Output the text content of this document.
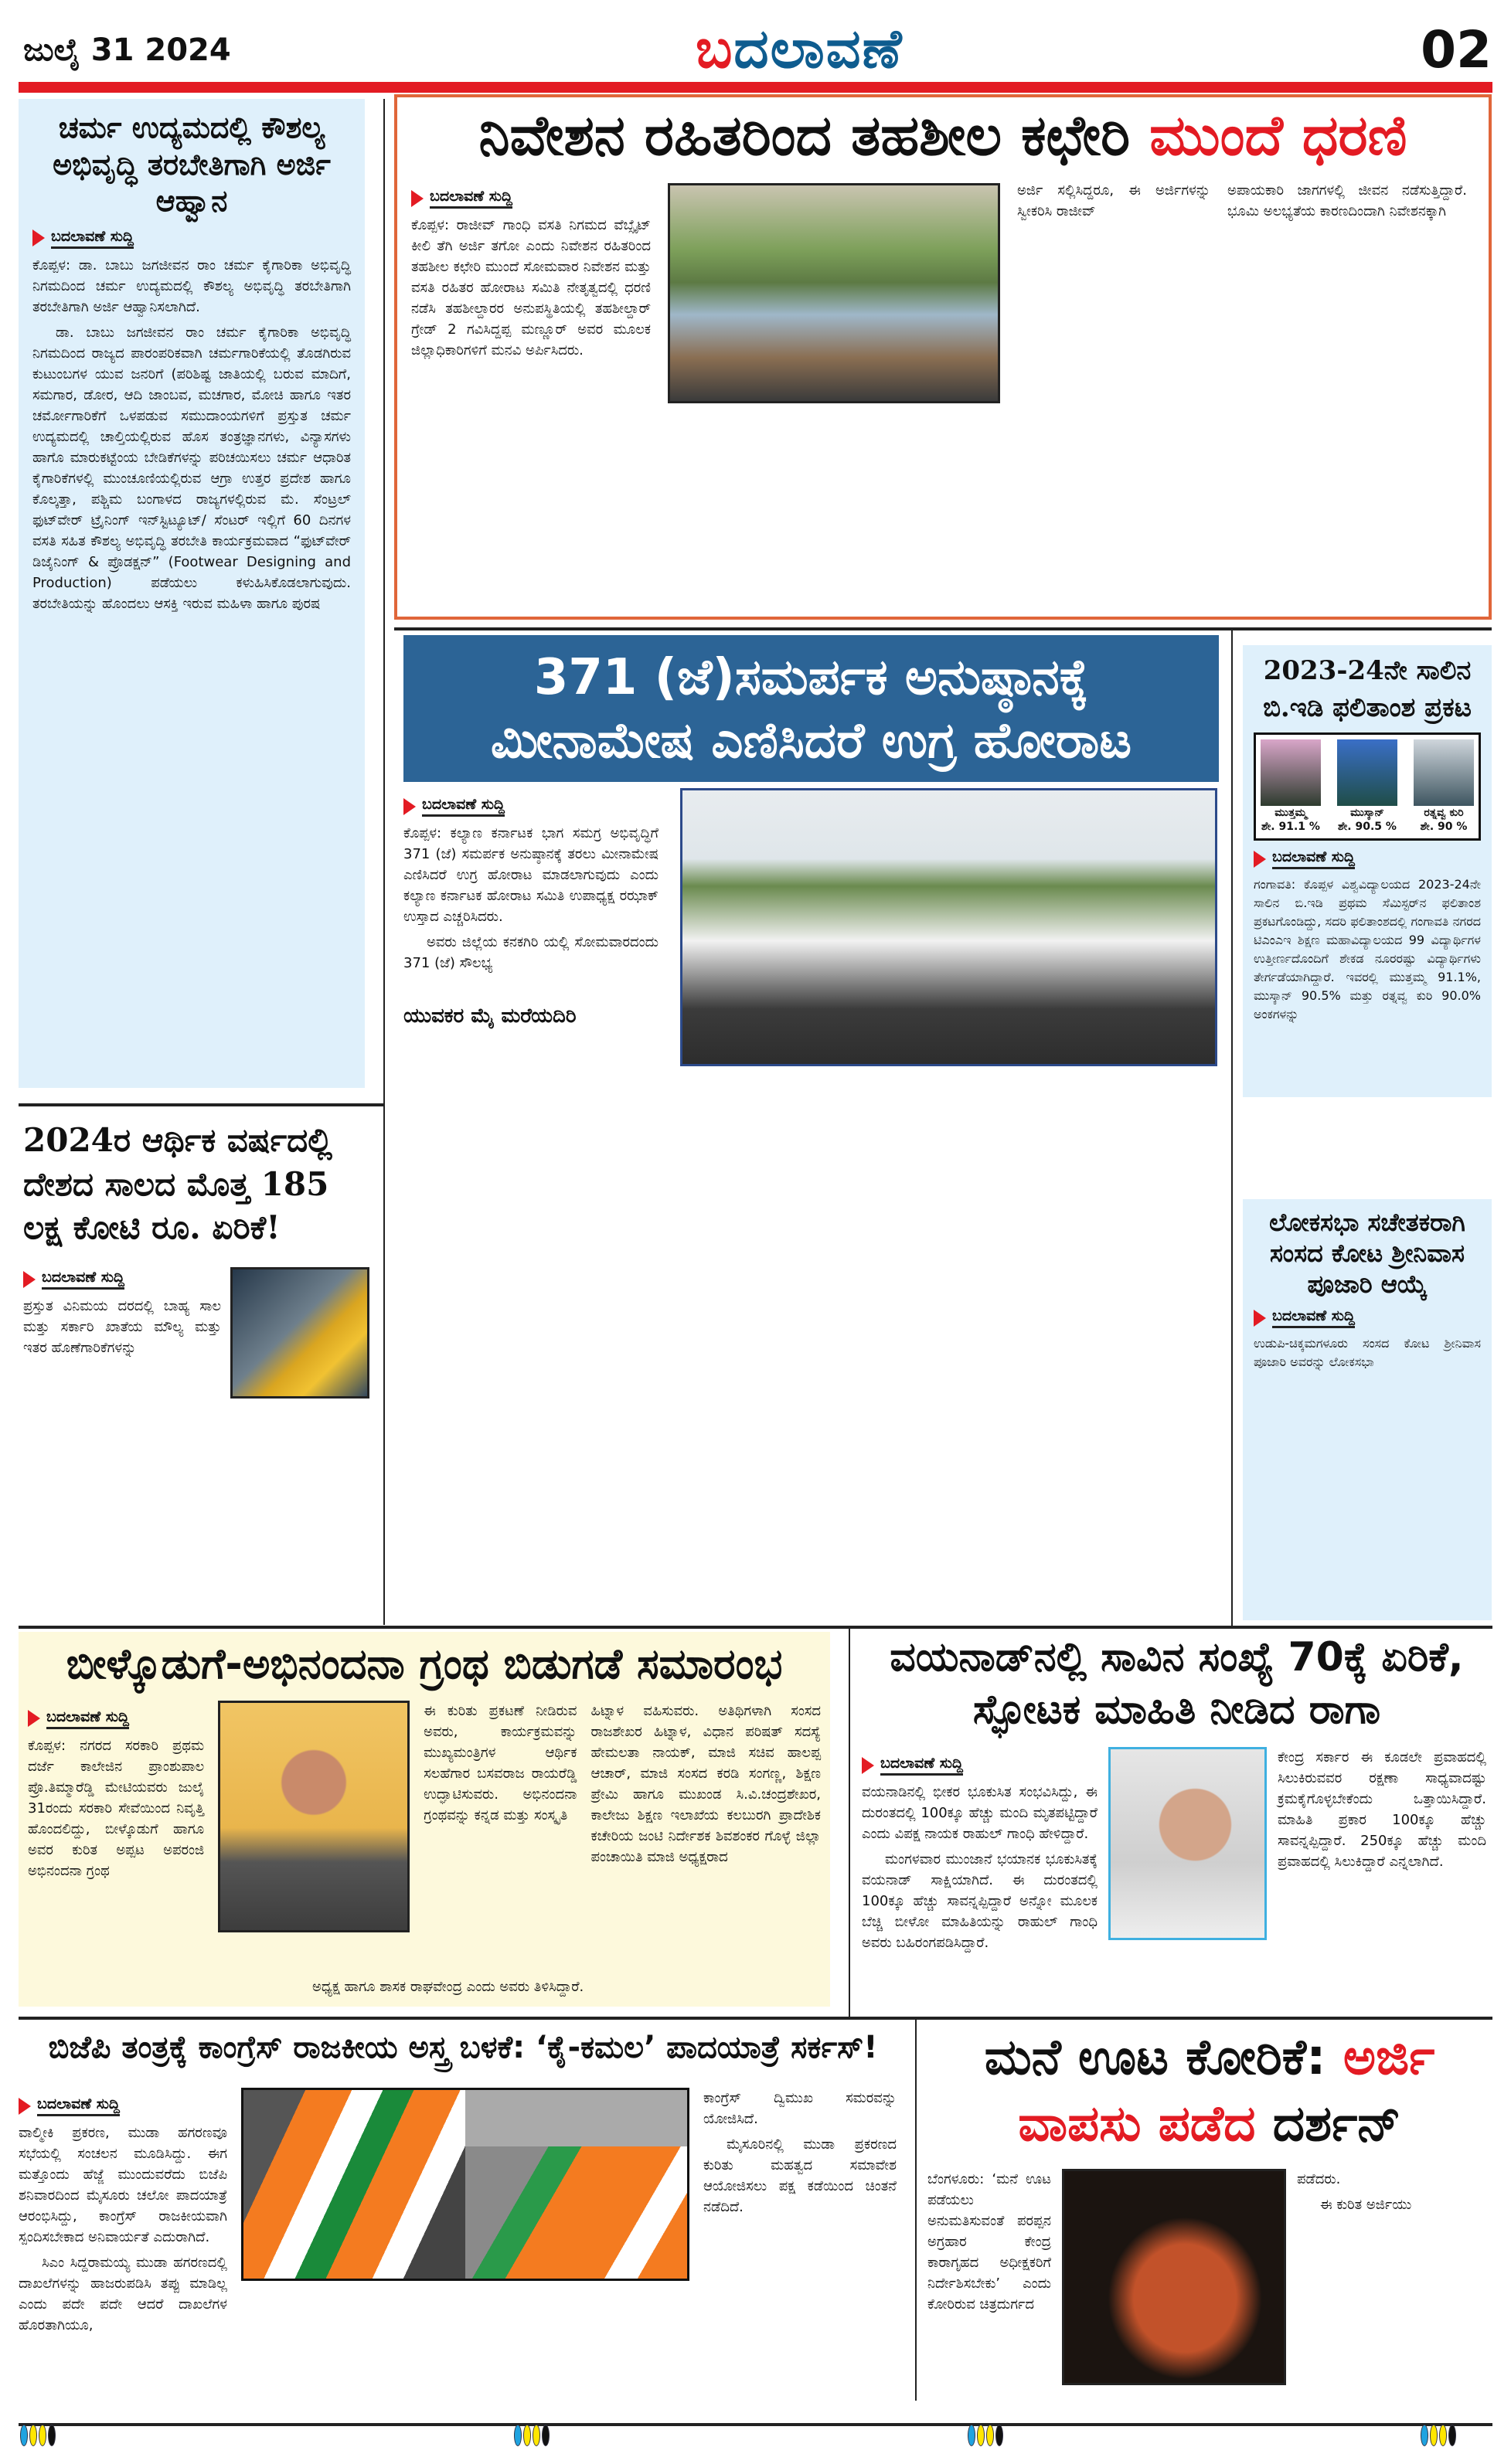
ಜುಲೈ 31 2024	ಬದಲಾವಣೆ	02
ಚರ್ಮ ಉದ್ಯಮದಲ್ಲಿ ಕೌಶಲ್ಯ ಅಭಿವೃದ್ಧಿ ತರಬೇತಿಗಾಗಿ ಅರ್ಜಿ ಆಹ್ವಾನ
ಬದಲಾವಣೆ ಸುದ್ದಿ

ಕೊಪ್ಪಳ: ಡಾ. ಬಾಬು ಜಗಜೀವನ ರಾಂ ಚರ್ಮ ಕೈಗಾರಿಕಾ ಅಭಿವೃದ್ಧಿ ನಿಗಮದಿಂದ ಚರ್ಮ ಉದ್ಯಮದಲ್ಲಿ ಕೌಶಲ್ಯ ಅಭಿವೃದ್ಧಿ ತರಬೇತಿಗಾಗಿ ತರಬೇತಿಗಾಗಿ ಅರ್ಜಿ ಆಹ್ವಾನಿಸಲಾಗಿದೆ.

ಡಾ. ಬಾಬು ಜಗಜೀವನ ರಾಂ ಚರ್ಮ ಕೈಗಾರಿಕಾ ಅಭಿವೃದ್ಧಿ ನಿಗಮದಿಂದ ರಾಜ್ಯದ ಪಾರಂಪರಿಕವಾಗಿ ಚರ್ಮಗಾರಿಕೆಯಲ್ಲಿ ತೊಡಗಿರುವ ಕುಟುಂಬಗಳ ಯುವ ಜನರಿಗೆ (ಪರಿಶಿಷ್ಟ ಜಾತಿಯಲ್ಲಿ ಬರುವ ಮಾದಿಗೆ, ಸಮಗಾರ, ಡೋರ, ಆದಿ ಜಾಂಬವ, ಮಚಗಾರ, ಮೋಚಿ ಹಾಗೂ ಇತರ ಚರ್ಮೋಗಾರಿಕೆಗೆ ಒಳಪಡುವ ಸಮುದಾಂಯಗಳಿಗೆ ಪ್ರಸ್ತುತ ಚರ್ಮ ಉದ್ಯಮದಲ್ಲಿ ಚಾಲ್ತಿಯಲ್ಲಿರುವ ಹೊಸ ತಂತ್ರಜ್ಞಾನಗಳು, ವಿನ್ಯಾಸಗಳು ಹಾಗೊ ಮಾರುಕಟ್ಟೆಂಯ ಬೇಡಿಕೆಗಳನ್ನು ಪರಿಚಯಿಸಲು ಚರ್ಮ ಆಧಾರಿತ ಕೈಗಾರಿಕೆಗಳಲ್ಲಿ ಮುಂಚೂಣಿಯಲ್ಲಿರುವ ಆಗ್ರಾ ಉತ್ತರ ಪ್ರದೇಶ ಹಾಗೂ ಕೊಲ್ಕತ್ತಾ, ಪಶ್ಚಿಮ ಬಂಗಾಳದ ರಾಜ್ಯಗಳಲ್ಲಿರುವ ಮೆ. ಸೆಂಟ್ರಲ್ ಫುಟ್‌ವೇರ್ ಟ್ರೈನಿಂಗ್ ಇನ್‌ಸ್ಟಿಟ್ಯೂಟ್/ ಸೆಂಟರ್ ಇಲ್ಲಿಗೆ 60 ದಿನಗಳ ವಸತಿ ಸಹಿತ ಕೌಶಲ್ಯ ಅಭಿವೃದ್ಧಿ ತರಬೇತಿ ಕಾರ್ಯಕ್ರಮವಾದ “ಫುಟ್‌ವೇರ್ ಡಿಜೈನಿಂಗ್ & ಪ್ರೊಡಕ್ಷನ್” (Footwear Designing and Production) ಪಡೆಯಲು ಕಳುಹಿಸಿಕೊಡಲಾಗುವುದು. ತರಬೇತಿಯನ್ನು ಹೊಂದಲು ಆಸಕ್ತಿ ಇರುವ ಮಹಿಳಾ ಹಾಗೂ ಪುರಷ

2024ರ ಆರ್ಥಿಕ ವರ್ಷದಲ್ಲಿ ದೇಶದ ಸಾಲದ ಮೊತ್ತ 185 ಲಕ್ಷ ಕೋಟಿ ರೂ. ಏರಿಕೆ!
ಬದಲಾವಣೆ ಸುದ್ದಿ

ಪ್ರಸ್ತುತ ವಿನಿಮಯ ದರದಲ್ಲಿ ಬಾಹ್ಯ ಸಾಲ ಮತ್ತು ಸರ್ಕಾರಿ ಖಾತೆಯ ಮೌಲ್ಯ ಮತ್ತು ಇತರ ಹೊಣೆಗಾರಿಕೆಗಳನ್ನು

ನಿವೇಶನ ರಹಿತರಿಂದ ತಹಶೀಲ ಕಛೇರಿ ಮುಂದೆ ಧರಣಿ
ಬದಲಾವಣೆ ಸುದ್ದಿ

ಕೊಪ್ಪಳ: ರಾಜೀವ್ ಗಾಂಧಿ ವಸತಿ ನಿಗಮದ ವೆಬ್ಸೈಟ್ ಕೀಲಿ ತೆಗಿ ಅರ್ಜಿ ತಗೋ ಎಂದು ನಿವೇಶನ ರಹಿತರಿಂದ ತಹಶೀಲ ಕಛೇರಿ ಮುಂದೆ ಸೋಮವಾರ ನಿವೇಶನ ಮತ್ತು ವಸತಿ ರಹಿತರ ಹೋರಾಟ ಸಮಿತಿ ನೇತೃತ್ವದಲ್ಲಿ ಧರಣಿ ನಡೆಸಿ ತಹಶೀಲ್ದಾರರ ಅನುಪಸ್ಥಿತಿಯಲ್ಲಿ ತಹಶೀಲ್ದಾರ್ ಗ್ರೇಡ್ 2 ಗವಿಸಿದ್ದಪ್ಪ ಮಣ್ಣೂರ್ ಅವರ ಮೂಲಕ ಜಿಲ್ಲಾಧಿಕಾರಿಗಳಿಗೆ ಮನವಿ ಅರ್ಪಿಸಿದರು.

ಅರ್ಜಿ ಸಲ್ಲಿಸಿದ್ದರೂ, ಈ ಅರ್ಜಿಗಳನ್ನು ಸ್ವೀಕರಿಸಿ ರಾಜೀವ್

ಅಪಾಯಕಾರಿ ಜಾಗಗಳಲ್ಲಿ ಜೀವನ ನಡೆಸುತ್ತಿದ್ದಾರೆ. ಭೂಮಿ ಅಲಭ್ಯತೆಯ ಕಾರಣದಿಂದಾಗಿ ನಿವೇಶನಕ್ಕಾಗಿ

371 (ಜೆ)ಸಮರ್ಪಕ ಅನುಷ್ಠಾನಕ್ಕೆ
ಮೀನಾಮೇಷ ಎಣಿಸಿದರೆ ಉಗ್ರ ಹೋರಾಟ
ಬದಲಾವಣೆ ಸುದ್ದಿ

ಕೊಪ್ಪಳ: ಕಲ್ಯಾಣ ಕರ್ನಾಟಕ ಭಾಗ ಸಮಗ್ರ ಅಭಿವೃದ್ಧಿಗೆ 371 (ಜೆ) ಸಮರ್ಪಕ ಅನುಷ್ಠಾನಕ್ಕೆ ತರಲು ಮೀನಾಮೇಷ ಎಣಿಸಿದರೆ ಉಗ್ರ ಹೋರಾಟ ಮಾಡಲಾಗುವುದು ಎಂದು ಕಲ್ಯಾಣ ಕರ್ನಾಟಕ ಹೋರಾಟ ಸಮಿತಿ ಉಪಾಧ್ಯಕ್ಷ ರಝಾಕ್ ಉಸ್ತಾದ ಎಚ್ಚರಿಸಿದರು.

ಅವರು ಜಿಲ್ಲೆಯ ಕನಕಗಿರಿ ಯಲ್ಲಿ ಸೋಮವಾರದಂದು 371 (ಜೆ) ಸೌಲಭ್ಯ

ಯುವಕರ ಮೈ ಮರೆಯದಿರಿ
2023-24ನೇ ಸಾಲಿನ ಬಿ.ಇಡಿ ಫಲಿತಾಂಶ ಪ್ರಕಟ
ಮುತ್ತಮ್ಮ
ಶೇ. 91.1 %
ಮುಸ್ಕಾನ್
ಶೇ. 90.5 %
ರತ್ನವ್ವ ಕುರಿ
ಶೇ. 90 %
ಬದಲಾವಣೆ ಸುದ್ದಿ

ಗಂಗಾವತಿ: ಕೊಪ್ಪಳ ವಿಶ್ವವಿದ್ಯಾಲಯದ 2023-24ನೇ ಸಾಲಿನ ಬಿ.ಇಡಿ ಪ್ರಥಮ ಸೆಮಿಸ್ಟರ್‌ನ ಫಲಿತಾಂಶ ಪ್ರಕಟಗೊಂಡಿದ್ದು, ಸದರಿ ಫಲಿತಾಂಶದಲ್ಲಿ ಗಂಗಾವತಿ ನಗರದ ಟಿಎಂಎಇ ಶಿಕ್ಷಣ ಮಹಾವಿದ್ಯಾಲಯದ 99 ವಿದ್ಯಾರ್ಥಿಗಳ ಉತ್ತೀರ್ಣದೊಂದಿಗೆ ಶೇಕಡ ನೂರರಷ್ಟು ವಿದ್ಯಾರ್ಥಿಗಳು ತೇರ್ಗಡೆಯಾಗಿದ್ದಾರೆ. ಇವರಲ್ಲಿ ಮುತ್ತಮ್ಮ 91.1%, ಮುಸ್ಕಾನ್ 90.5% ಮತ್ತು ರತ್ನವ್ವ ಕುರಿ 90.0% ಅಂಕಗಳನ್ನು

ಲೋಕಸಭಾ ಸಚೇತಕರಾಗಿ ಸಂಸದ ಕೋಟ ಶ್ರೀನಿವಾಸ ಪೂಜಾರಿ ಆಯ್ಕೆ
ಬದಲಾವಣೆ ಸುದ್ದಿ

ಉಡುಪಿ-ಚಿಕ್ಕಮಗಳೂರು ಸಂಸದ ಕೋಟ ಶ್ರೀನಿವಾಸ ಪೂಜಾರಿ ಅವರನ್ನು ಲೋಕಸಭಾ

ಬೀಳ್ಕೊಡುಗೆ-ಅಭಿನಂದನಾ ಗ್ರಂಥ ಬಿಡುಗಡೆ ಸಮಾರಂಭ
ಬದಲಾವಣೆ ಸುದ್ದಿ

ಕೊಪ್ಪಳ: ನಗರದ ಸರಕಾರಿ ಪ್ರಥಮ ದರ್ಜೆ ಕಾಲೇಜಿನ ಪ್ರಾಂಶುಪಾಲ ಪ್ರೊ.ತಿಮ್ಮಾರೆಡ್ಡಿ ಮೇಟಿಯವರು ಜುಲೈ 31ರಂದು ಸರಕಾರಿ ಸೇವೆಯಿಂದ ನಿವೃತ್ತಿ ಹೊಂದಲಿದ್ದು, ಬೀಳ್ಕೊಡುಗೆ ಹಾಗೂ ಅವರ ಕುರಿತ ಅಪ್ಪಟ ಅಪರಂಜಿ ಅಭಿನಂದನಾ ಗ್ರಂಥ

ಈ ಕುರಿತು ಪ್ರಕಟಣೆ ನೀಡಿರುವ ಅವರು, ಕಾರ್ಯಕ್ರಮವನ್ನು ಮುಖ್ಯಮಂತ್ರಿಗಳ ಆರ್ಥಿಕ ಸಲಹೆಗಾರ ಬಸವರಾಜ ರಾಯರೆಡ್ಡಿ ಉದ್ಘಾಟಿಸುವರು. ಅಭಿನಂದನಾ ಗ್ರಂಥವನ್ನು ಕನ್ನಡ ಮತ್ತು ಸಂಸ್ಕೃತಿ

ಹಿಟ್ನಾಳ ವಹಿಸುವರು. ಅತಿಥಿಗಳಾಗಿ ಸಂಸದ ರಾಜಶೇಖರ ಹಿಟ್ನಾಳ, ವಿಧಾನ ಪರಿಷತ್ ಸದಸ್ಯೆ ಹೇಮಲತಾ ನಾಯಕ್, ಮಾಜಿ ಸಚಿವ ಹಾಲಪ್ಪ ಆಚಾರ್, ಮಾಜಿ ಸಂಸದ ಕರಡಿ ಸಂಗಣ್ಣ, ಶಿಕ್ಷಣ ಪ್ರೇಮಿ ಹಾಗೂ ಮುಖಂಡ ಸಿ.ವಿ.ಚಂದ್ರಶೇಖರ, ಕಾಲೇಜು ಶಿಕ್ಷಣ ಇಲಾಖೆಯ ಕಲಬುರಗಿ ಪ್ರಾದೇಶಿಕ ಕಚೇರಿಯ ಜಂಟಿ ನಿರ್ದೇಶಕ ಶಿವಶಂಕರ ಗೊಳ್ಳೆ ಜಿಲ್ಲಾ ಪಂಚಾಯಿತಿ ಮಾಜಿ ಅಧ್ಯಕ್ಷರಾದ

ಅಧ್ಯಕ್ಷ ಹಾಗೂ ಶಾಸಕ ರಾಘವೇಂದ್ರ ಎಂದು ಅವರು ತಿಳಿಸಿದ್ದಾರೆ.

ವಯನಾಡ್‌ನಲ್ಲಿ ಸಾವಿನ ಸಂಖ್ಯೆ 70ಕ್ಕೆ ಏರಿಕೆ, ಸ್ಫೋಟಕ ಮಾಹಿತಿ ನೀಡಿದ ರಾಗಾ
ಬದಲಾವಣೆ ಸುದ್ದಿ

ವಯನಾಡಿನಲ್ಲಿ ಭೀಕರ ಭೂಕುಸಿತ ಸಂಭವಿಸಿದ್ದು, ಈ ದುರಂತದಲ್ಲಿ 100ಕ್ಕೂ ಹೆಚ್ಚು ಮಂದಿ ಮೃತಪಟ್ಟಿದ್ದಾರೆ ಎಂದು ವಿಪಕ್ಷ ನಾಯಕ ರಾಹುಲ್ ಗಾಂಧಿ ಹೇಳಿದ್ದಾರೆ.

ಮಂಗಳವಾರ ಮುಂಜಾನೆ ಭಯಾನಕ ಭೂಕುಸಿತಕ್ಕೆ ವಯನಾಡ್ ಸಾಕ್ಷಿಯಾಗಿದೆ. ಈ ದುರಂತದಲ್ಲಿ 100ಕ್ಕೂ ಹೆಚ್ಚು ಸಾವನ್ನಪ್ಪಿದ್ದಾರೆ ಅನ್ನೋ ಮೂಲಕ ಬೆಚ್ಚಿ ಬೀಳೋ ಮಾಹಿತಿಯನ್ನು ರಾಹುಲ್ ಗಾಂಧಿ ಅವರು ಬಹಿರಂಗಪಡಿಸಿದ್ದಾರೆ.

ಕೇಂದ್ರ ಸರ್ಕಾರ ಈ ಕೂಡಲೇ ಪ್ರವಾಹದಲ್ಲಿ ಸಿಲುಕಿರುವವರ ರಕ್ಷಣಾ ಸಾಧ್ಯವಾದಷ್ಟು ಕ್ರಮಕೈಗೊಳ್ಳಬೇಕೆಂದು ಒತ್ತಾಯಿಸಿದ್ದಾರೆ. ಮಾಹಿತಿ ಪ್ರಕಾರ 100ಕ್ಕೂ ಹೆಚ್ಚು ಸಾವನ್ನಪ್ಪಿದ್ದಾರೆ. 250ಕ್ಕೂ ಹೆಚ್ಚು ಮಂದಿ ಪ್ರವಾಹದಲ್ಲಿ ಸಿಲುಕಿದ್ದಾರೆ ಎನ್ನಲಾಗಿದೆ.

ಬಿಜೆಪಿ ತಂತ್ರಕ್ಕೆ ಕಾಂಗ್ರೆಸ್ ರಾಜಕೀಯ ಅಸ್ತ್ರ ಬಳಕೆ: ‘ಕೈ-ಕಮಲ’ ಪಾದಯಾತ್ರೆ ಸರ್ಕಸ್!
ಬದಲಾವಣೆ ಸುದ್ದಿ

ವಾಲ್ಮೀಕಿ ಪ್ರಕರಣ, ಮುಡಾ ಹಗರಣವೂ ಸಭೆಯಲ್ಲಿ ಸಂಚಲನ ಮೂಡಿಸಿದ್ದು. ಈಗ ಮತ್ತೊಂದು ಹೆಜ್ಜೆ ಮುಂದುವರೆದು ಬಿಜೆಪಿ ಶನಿವಾರದಿಂದ ಮೈಸೂರು ಚಲೋ ಪಾದಯಾತ್ರೆ ಆರಂಭಿಸಿದ್ದು, ಕಾಂಗ್ರೆಸ್ ರಾಜಕೀಯವಾಗಿ ಸ್ಪಂದಿಸಬೇಕಾದ ಅನಿವಾರ್ಯತೆ ಎದುರಾಗಿದೆ.

ಸಿಎಂ ಸಿದ್ದರಾಮಯ್ಯ ಮುಡಾ ಹಗರಣದಲ್ಲಿ ದಾಖಲೆಗಳನ್ನು ಹಾಜರುಪಡಿಸಿ ತಪ್ಪು ಮಾಡಿಲ್ಲ ಎಂದು ಪದೇ ಪದೇ ಆದರೆ ದಾಖಲೆಗಳ ಹೊರತಾಗಿಯೂ,

ಕಾಂಗ್ರೆಸ್ ದ್ವಿಮುಖ ಸಮರವನ್ನು ಯೋಜಿಸಿದೆ.

ಮೈಸೂರಿನಲ್ಲಿ ಮುಡಾ ಪ್ರಕರಣದ ಕುರಿತು ಮಹತ್ವದ ಸಮಾವೇಶ ಆಯೋಜಿಸಲು ಪಕ್ಷ ಕಡೆಯಿಂದ ಚಿಂತನೆ ನಡೆದಿದೆ.

ಮನೆ ಊಟ ಕೋರಿಕೆ: ಅರ್ಜಿ
ವಾಪಸು ಪಡೆದ ದರ್ಶನ್

ಬೆಂಗಳೂರು: ‘ಮನೆ ಊಟ ಪಡೆಯಲು ಅನುಮತಿಸುವಂತೆ ಪರಪ್ಪನ ಅಗ್ರಹಾರ ಕೇಂದ್ರ ಕಾರಾಗೃಹದ ಅಧೀಕ್ಷಕರಿಗೆ ನಿರ್ದೇಶಿಸಬೇಕು’ ಎಂದು ಕೋರಿರುವ ಚಿತ್ರದುರ್ಗದ

ಪಡೆದರು.

ಈ ಕುರಿತ ಅರ್ಜಿಯು
